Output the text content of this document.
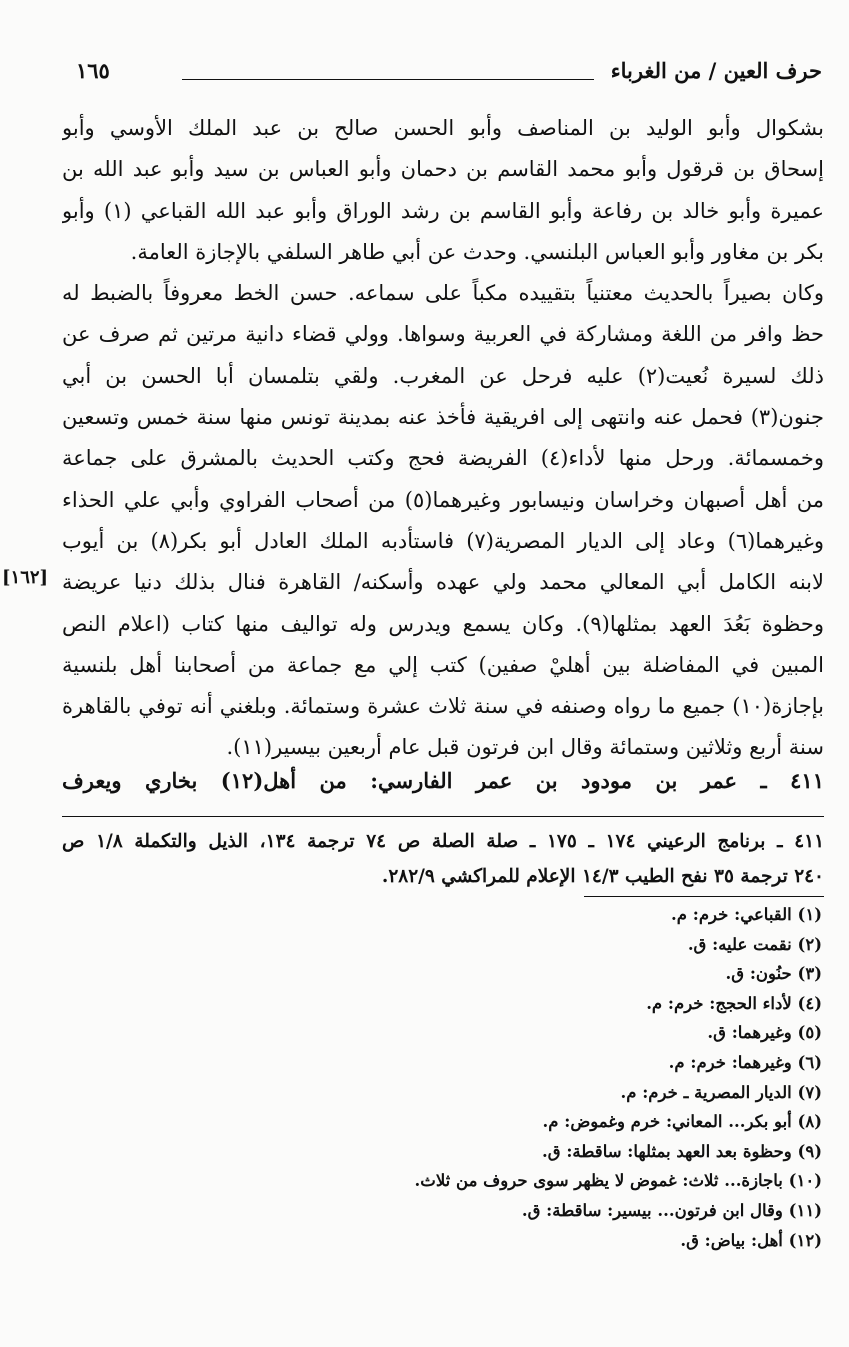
حرف العين / من الغرباء
١٦٥
بشكوال وأبو الوليد بن المناصف وأبو الحسن صالح بن عبد الملك الأوسي وأبو
إسحاق بن قرقول وأبو محمد القاسم بن دحمان وأبو العباس بن سيد وأبو عبد الله بن
عميرة وأبو خالد بن رفاعة وأبو القاسم بن رشد الوراق وأبو عبد الله القباعي (١) وأبو
بكر بن مغاور وأبو العباس البلنسي. وحدث عن أبي طاهر السلفي بالإجازة العامة.
وكان بصيراً بالحديث معتنياً بتقييده مكباً على سماعه. حسن الخط معروفاً بالضبط له
حظ وافر من اللغة ومشاركة في العربية وسواها. وولي قضاء دانية مرتين ثم صرف عن
ذلك لسيرة نُعيت(٢) عليه فرحل عن المغرب. ولقي بتلمسان أبا الحسن بن أبي
جنون(٣) فحمل عنه وانتهى إلى افريقية فأخذ عنه بمدينة تونس منها سنة خمس وتسعين
وخمسمائة. ورحل منها لأداء(٤) الفريضة فحج وكتب الحديث بالمشرق على جماعة
من أهل أصبهان وخراسان ونيسابور وغيرهما(٥) من أصحاب الفراوي وأبي علي الحذاء
وغيرهما(٦) وعاد إلى الديار المصرية(٧) فاستأدبه الملك العادل أبو بكر(٨) بن أيوب
لابنه الكامل أبي المعالي محمد ولي عهده وأسكنه/ القاهرة فنال بذلك دنيا عريضة
وحظوة بَعُدَ العهد بمثلها(٩). وكان يسمع ويدرس وله تواليف منها كتاب (اعلام النص
المبين في المفاضلة بين أهليْ صفين) كتب إلي مع جماعة من أصحابنا أهل بلنسية
بإجازة(١٠) جميع ما رواه وصنفه في سنة ثلاث عشرة وستمائة. وبلغني أنه توفي بالقاهرة
سنة أربع وثلاثين وستمائة وقال ابن فرتون قبل عام أربعين بيسير(١١).
[١٦٢]
٤١١ ـ عمر بن مودود بن عمر الفارسي: من أهل(١٢) بخاري ويعرف
٤١١ ـ برنامج الرعيني ١٧٤ ـ ١٧٥ ـ صلة الصلة ص ٧٤ ترجمة ١٣٤، الذيل والتكملة ١/٨ ص
٢٤٠ ترجمة ٣٥ نفح الطيب ١٤/٣ الإعلام للمراكشي ٢٨٢/٩.
(١) القباعي: خرم: م.
(٢) نقمت عليه: ق.
(٣) حنُون: ق.
(٤) لأداء الحجج: خرم: م.
(٥) وغيرهما: ق.
(٦) وغيرهما: خرم: م.
(٧) الديار المصرية ـ خرم: م.
(٨) أبو بكر... المعاني: خرم وغموض: م.
(٩) وحظوة بعد العهد بمثلها: ساقطة: ق.
(١٠) باجازة... ثلاث: غموض لا يظهر سوى حروف من ثلاث.
(١١) وقال ابن فرتون... بيسير: ساقطة: ق.
(١٢) أهل: بياض: ق.
